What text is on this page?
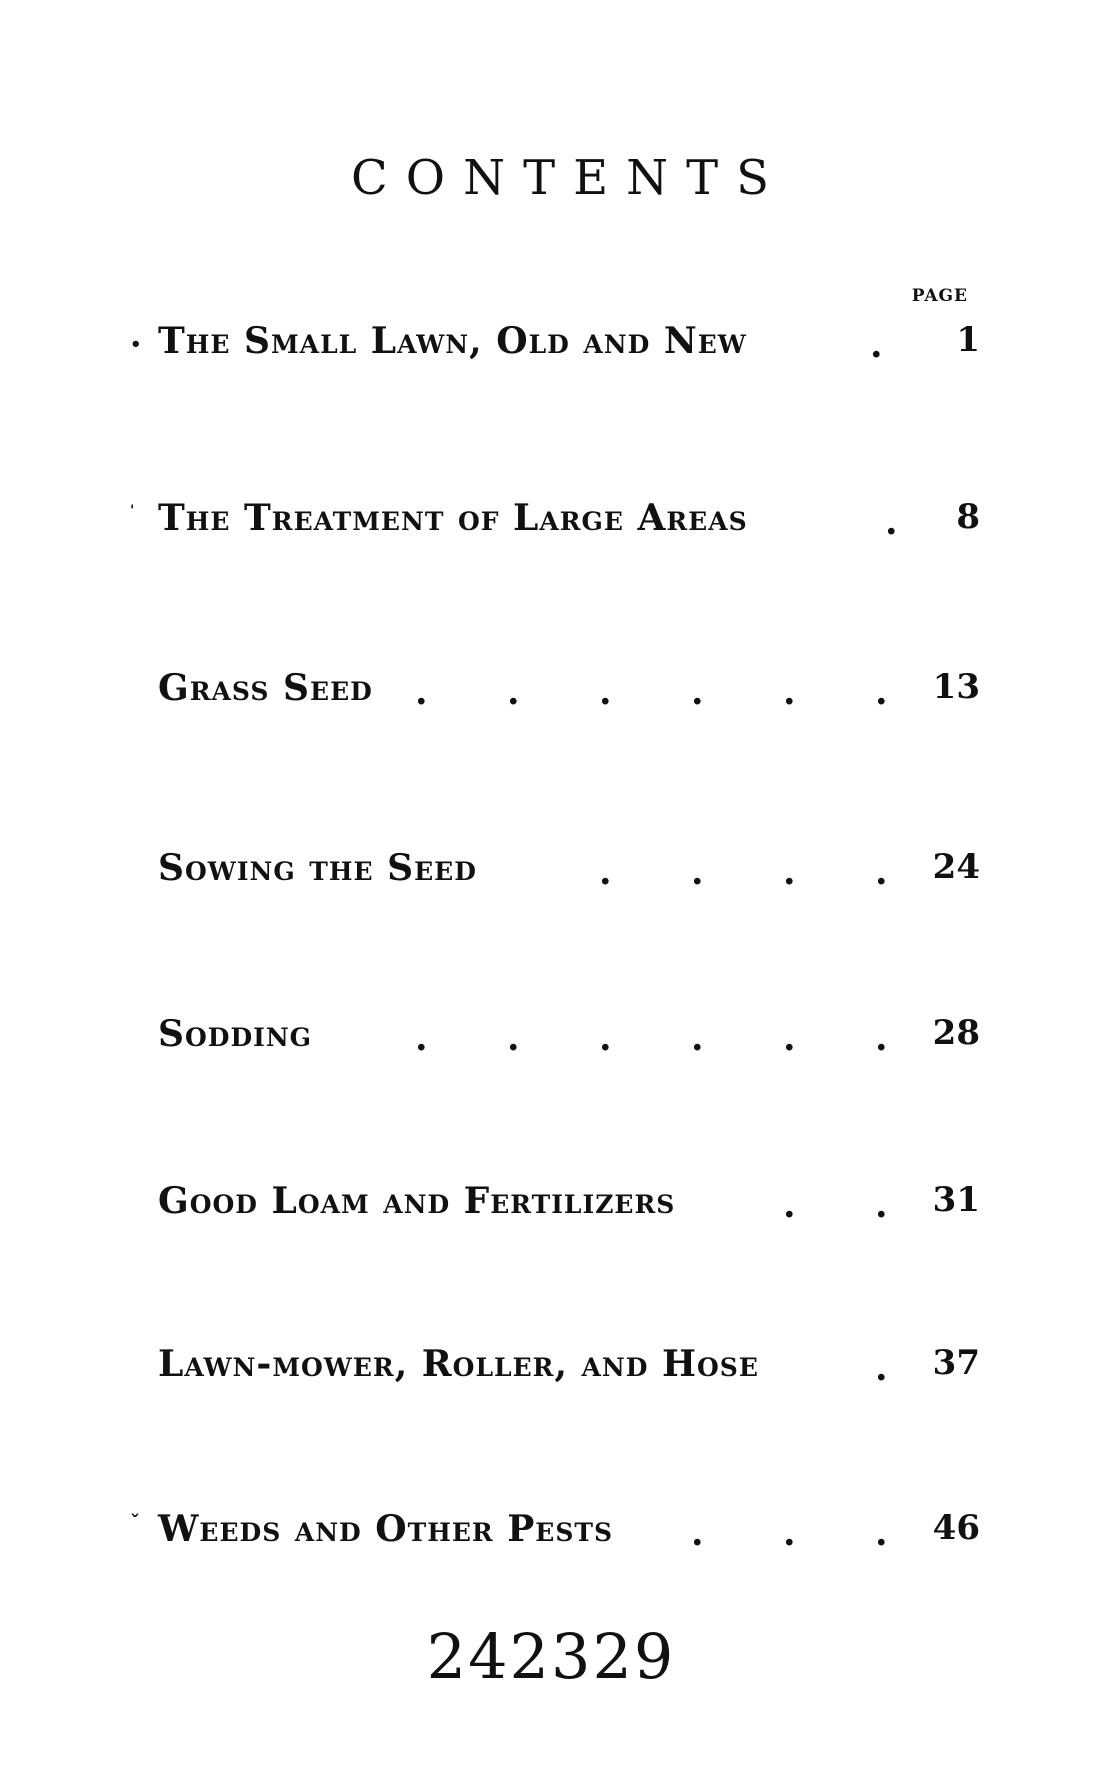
CONTENTS
PAGE
• The Small Lawn, Old and New	. 1
' The Treatment of Large Areas	. 8
Grass Seed . . . . . . 13
Sowing the Seed	. . . . 24
Sodding	. . . . . . 28
Good Loam and Fertilizers	. . 31
Lawn-mower, Roller, and Hose	. 37
ˇ Weeds and Other Pests . . . 46
242329
